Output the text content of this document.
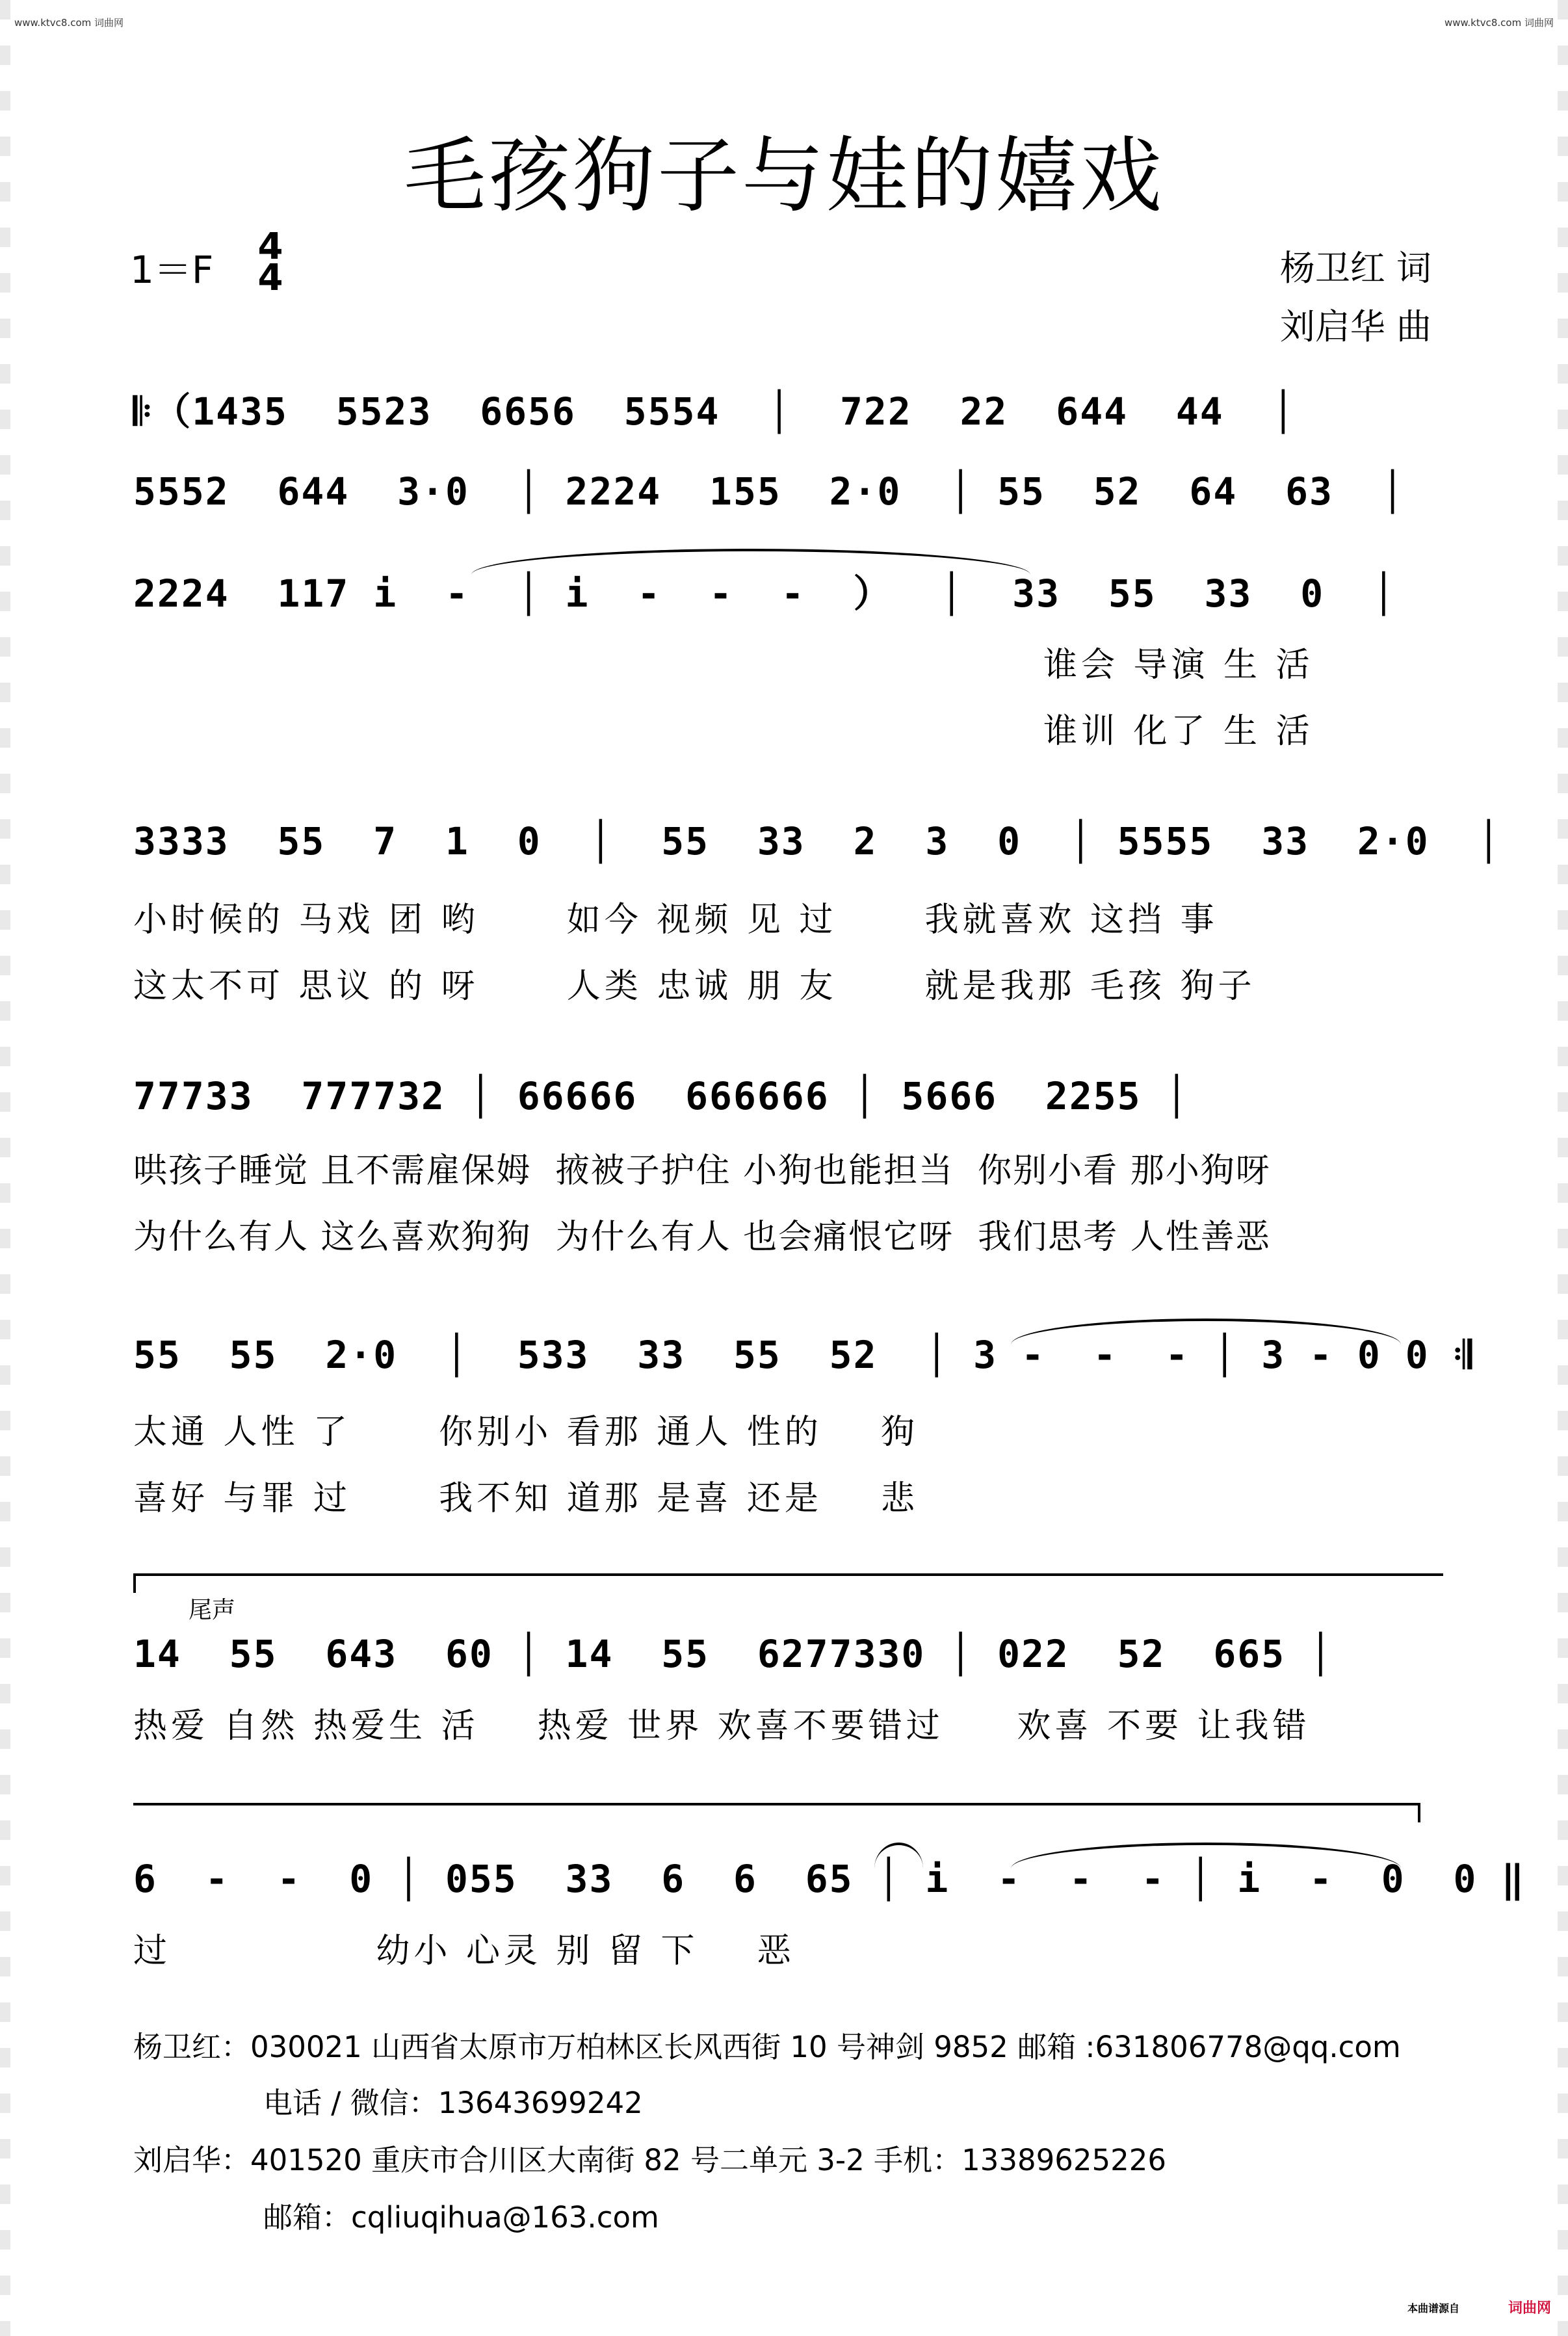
www.ktvc8.com 词曲网	www.ktvc8.com 词曲网
毛孩狗子与娃的嬉戏
1＝F
4
4	杨卫红 词
刘启华 曲
𝄆（1435  5523  6656  5554  │  722  22  644  44  │
5552  644  3·0  │ 2224  155  2·0  │ 55  52  64  63  │
2224  117 i  -  │ i  -  -  -  ）  │  33  55  33  0  │
谁会 导演 生 活
谁训 化了 生 活
3333  55  7  1  0  │  55  33  2  3  0  │ 5555  33  2·0  │
小时候的 马戏 团 哟      如今 视频 见 过      我就喜欢 这挡 事
这太不可 思议 的 呀      人类 忠诚 朋 友      就是我那 毛孩 狗子
77733  777732 │ 66666  666666 │ 5666  2255 │
哄孩子睡觉 且不需雇保姆  掖被子护住 小狗也能担当  你别小看 那小狗呀
为什么有人 这么喜欢狗狗  为什么有人 也会痛恨它呀  我们思考 人性善恶
55  55  2·0  │  533  33  55  52  │ 3 -  -  - │ 3 - 0 0 𝄇
太通 人性 了      你别小 看那 通人 性的    狗
喜好 与罪 过      我不知 道那 是喜 还是    悲
尾声
14  55  643  60 │ 14  55  6277330 │ 022  52  665 │
热爱 自然 热爱生 活    热爱 世界 欢喜不要错过     欢喜 不要 让我错
6  -  -  0 │ 055  33  6  6  65 │ i  -  -  - │ i  -  0  0 ‖
过              幼小 心灵 别 留 下    恶
杨卫红：030021 山西省太原市万柏林区长风西街 10 号神剑 9852 邮箱 :631806778@qq.com
电话 / 微信：13643699242
刘启华：401520 重庆市合川区大南街 82 号二单元 3-2 手机：13389625226
邮箱：cqliuqihua@163.com
本曲谱源自	词曲网
